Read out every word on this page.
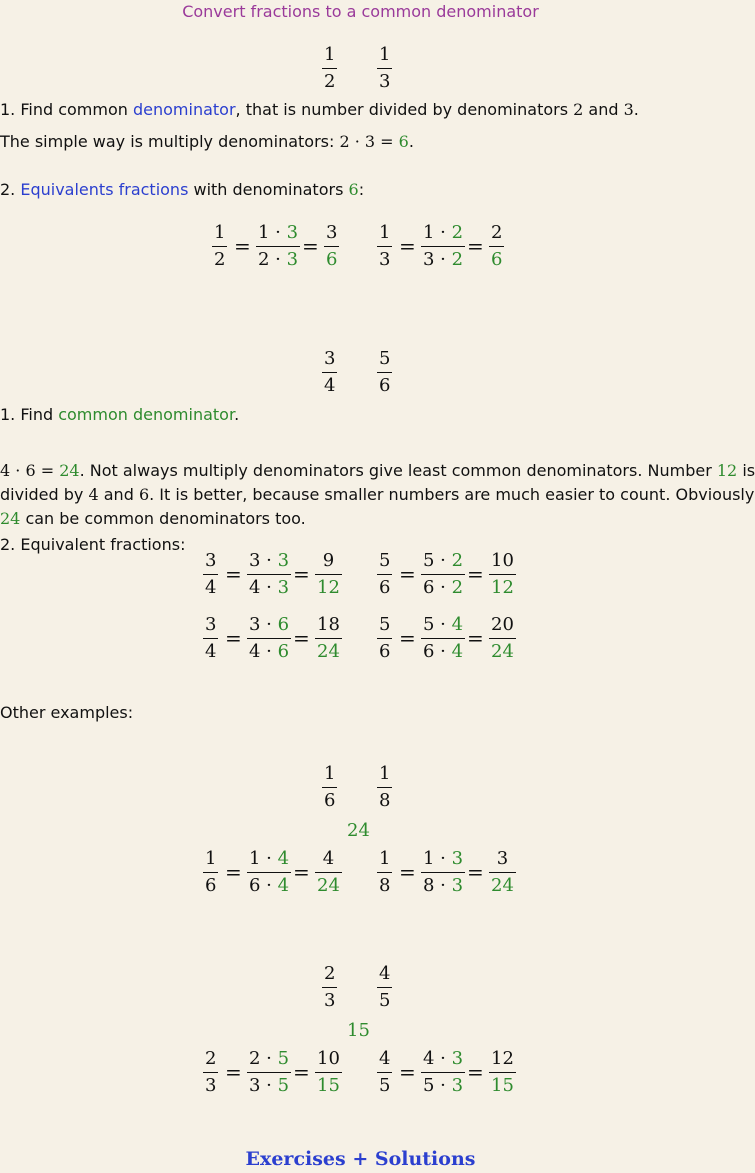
Convert fractions to a common denominator
1
2
1
3
1. Find common denominator, that is number divided by denominators 2 and 3.
The simple way is multiply denominators: 2 · 3 = 6.
2. Equivalents fractions with denominators 6:
1
2
=
1 · 3
2 · 3
=
3
6
1
3
=
1 · 2
3 · 2
=
2
6
3
4
5
6
1. Find common denominator.
4 · 6 = 24. Not always multiply denominators give least common denominators. Number 12 is
divided by 4 and 6. It is better, because smaller numbers are much easier to count. Obviously
24 can be common denominators too.
2. Equivalent fractions:
3
4
=
3 · 3
4 · 3
=
9
12
5
6
=
5 · 2
6 · 2
=
10
12
3
4
=
3 · 6
4 · 6
=
18
24
5
6
=
5 · 4
6 · 4
=
20
24
Other examples:
1
6
1
8
24
1
6
=
1 · 4
6 · 4
=
4
24
1
8
=
1 · 3
8 · 3
=
3
24
2
3
4
5
15
2
3
=
2 · 5
3 · 5
=
10
15
4
5
=
4 · 3
5 · 3
=
12
15
Exercises + Solutions
